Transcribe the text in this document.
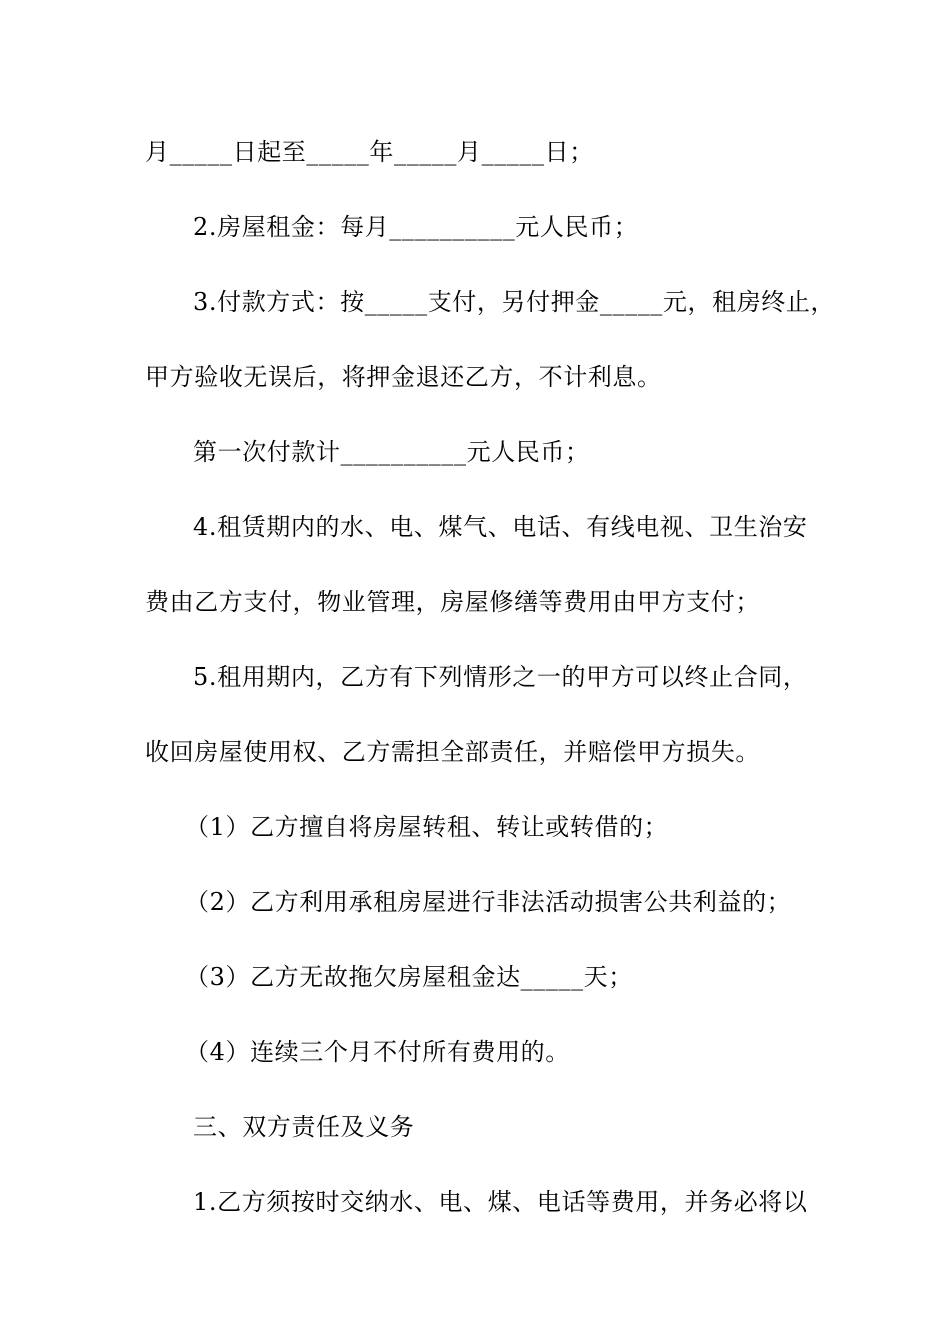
月_____日起至_____年_____月_____日；
2.房屋租金：每月__________元人民币；
3.付款方式：按_____支付，另付押金_____元，租房终止，
甲方验收无误后，将押金退还乙方，不计利息。
第一次付款计__________元人民币；
4.租赁期内的水、电、煤气、电话、有线电视、卫生治安
费由乙方支付，物业管理，房屋修缮等费用由甲方支付；
5.租用期内，乙方有下列情形之一的甲方可以终止合同，
收回房屋使用权、乙方需担全部责任，并赔偿甲方损失。
（1）乙方擅自将房屋转租、转让或转借的；
（2）乙方利用承租房屋进行非法活动损害公共利益的；
（3）乙方无故拖欠房屋租金达_____天；
（4）连续三个月不付所有费用的。
三、双方责任及义务
1.乙方须按时交纳水、电、煤、电话等费用，并务必将以
